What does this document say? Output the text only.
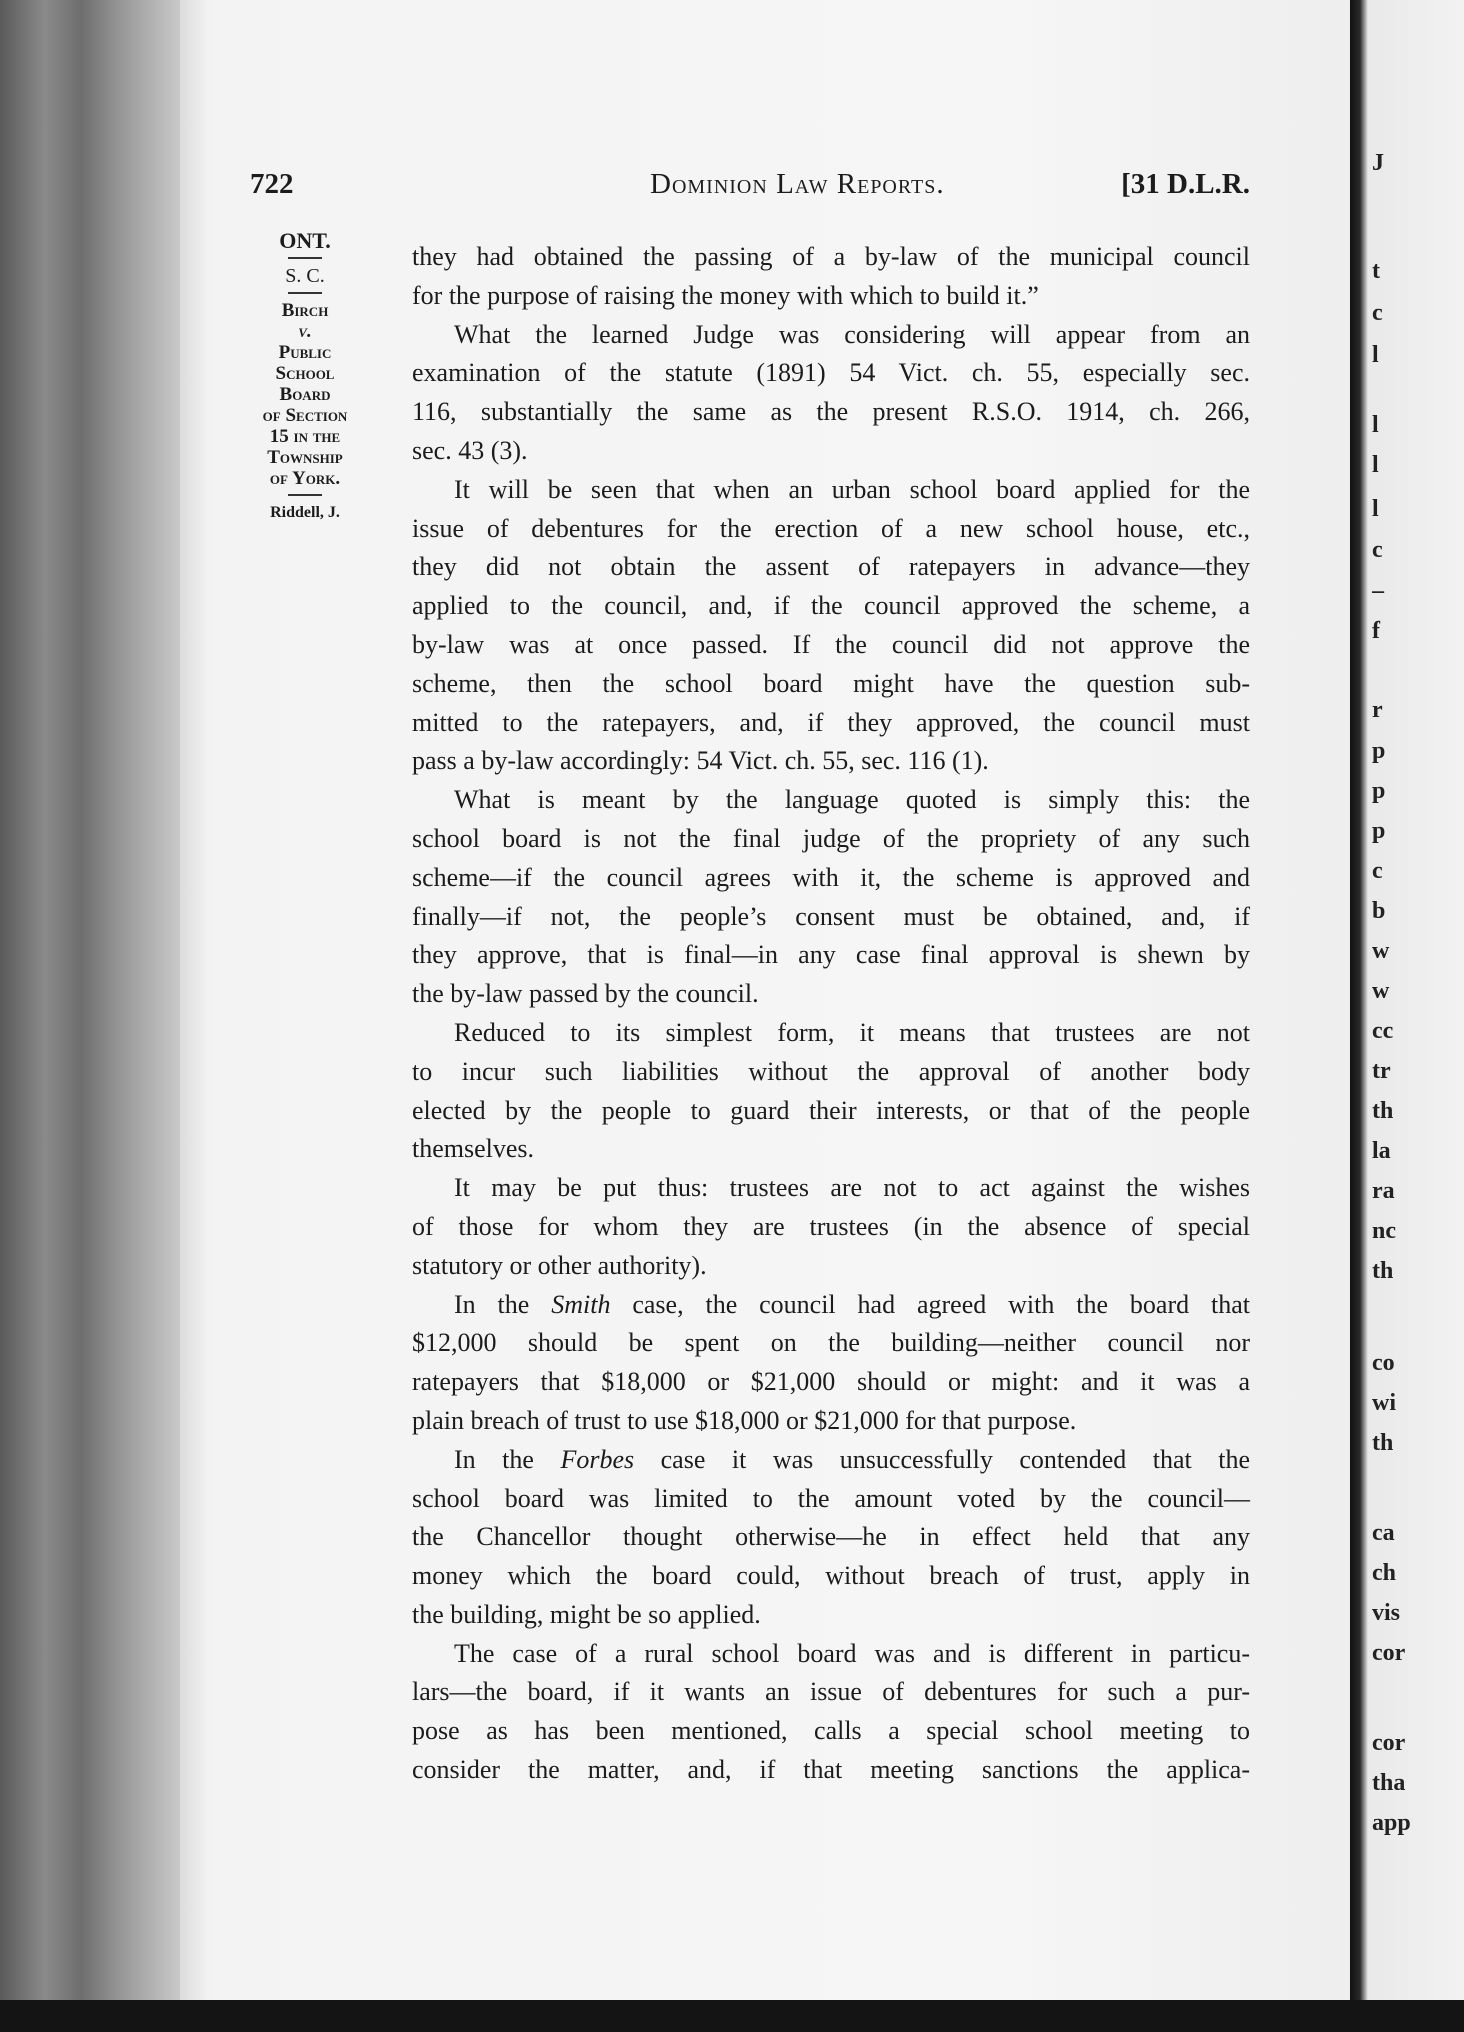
J
t
c
l
l
l
l
c
–
f
r
p
p
p
c
b
w
w
cc
tr
th
la
ra
nc
th
co
wi
th
ca
ch
vis
cor
cor
tha
app
722	Dominion Law Reports.	[31 D.L.R.
ONT.
S. C.
Birch
v.
Public
School
Board
of Section
15 in the
Township
of York.
Riddell, J.
they had obtained the passing of a by-law of the municipal council
for the purpose of raising the money with which to build it.”
What the learned Judge was considering will appear from an
examination of the statute (1891) 54 Vict. ch. 55, especially sec.
116, substantially the same as the present R.S.O. 1914, ch. 266,
sec. 43 (3).
It will be seen that when an urban school board applied for the
issue of debentures for the erection of a new school house, etc.,
they did not obtain the assent of ratepayers in advance—they
applied to the council, and, if the council approved the scheme, a
by-law was at once passed. If the council did not approve the
scheme, then the school board might have the question sub-
mitted to the ratepayers, and, if they approved, the council must
pass a by-law accordingly: 54 Vict. ch. 55, sec. 116 (1).
What is meant by the language quoted is simply this: the
school board is not the final judge of the propriety of any such
scheme—if the council agrees with it, the scheme is approved and
finally—if not, the people’s consent must be obtained, and, if
they approve, that is final—in any case final approval is shewn by
the by-law passed by the council.
Reduced to its simplest form, it means that trustees are not
to incur such liabilities without the approval of another body
elected by the people to guard their interests, or that of the people
themselves.
It may be put thus: trustees are not to act against the wishes
of those for whom they are trustees (in the absence of special
statutory or other authority).
In the Smith case, the council had agreed with the board that
$12,000 should be spent on the building—neither council nor
ratepayers that $18,000 or $21,000 should or might: and it was a
plain breach of trust to use $18,000 or $21,000 for that purpose.
In the Forbes case it was unsuccessfully contended that the
school board was limited to the amount voted by the council—
the Chancellor thought otherwise—he in effect held that any
money which the board could, without breach of trust, apply in
the building, might be so applied.
The case of a rural school board was and is different in particu-
lars—the board, if it wants an issue of debentures for such a pur-
pose as has been mentioned, calls a special school meeting to
consider the matter, and, if that meeting sanctions the applica-
